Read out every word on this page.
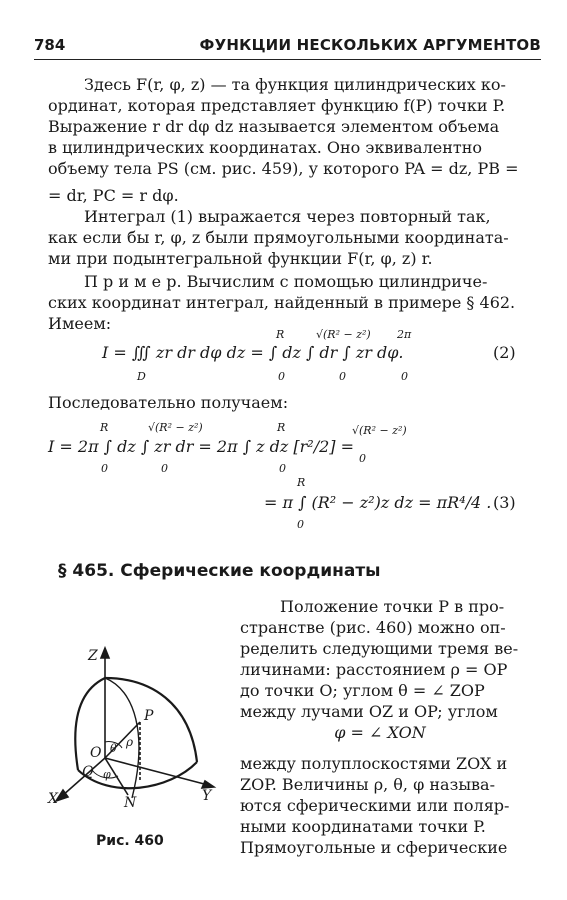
784	ФУНКЦИИ НЕСКОЛЬКИХ АРГУМЕНТОВ
Здесь F(r, φ, z) — та функция цилиндрических ко-
ординат, которая представляет функцию f(P) точки P.
Выражение r dr dφ dz называется элементом объема
в цилиндрических координатах. Оно эквивалентно
объему тела PS (см. рис. 459), у которого PA = dz, PB =
= dr, PC = r dφ.
Интеграл (1) выражается через повторный так,
как если бы r, φ, z были прямоугольными координата-
ми при подынтегральной функции F(r, φ, z) r.
П р и м е р. Вычислим с помощью цилиндриче-
ских координат интеграл, найденный в примере § 462.
Имеем:
I = ∭ zr dr dφ dz = ∫ dz ∫ dr ∫ zr dφ.
D
R	√(R² − z²) 2π
0	0	0
(2)
Последовательно получаем:
I = 2π ∫ dz ∫ zr dr = 2π ∫ z dz [r²/2] =
R	√(R² − z²)	R	√(R² − z²)
0	0	0
0
= π ∫ (R² − z²)z dz = πR⁴/4 .
R
0
(3)
§ 465. Сферические координаты
Положение точки P в про-
странстве (рис. 460) можно оп-
ределить следующими тремя ве-
личинами: расстоянием ρ = OP
до точки O; углом θ = ∠ ZOP
между лучами OZ и OP; углом
φ = ∠ XON
между полуплоскостями ZOX и
ZOP. Величины ρ, θ, φ называ-
ются сферическими или поляр-
ными координатами точки P.
Прямоугольные и сферические
Z
X	Y
P
O
Q
N
ρ
θ
φ
Рис. 460
